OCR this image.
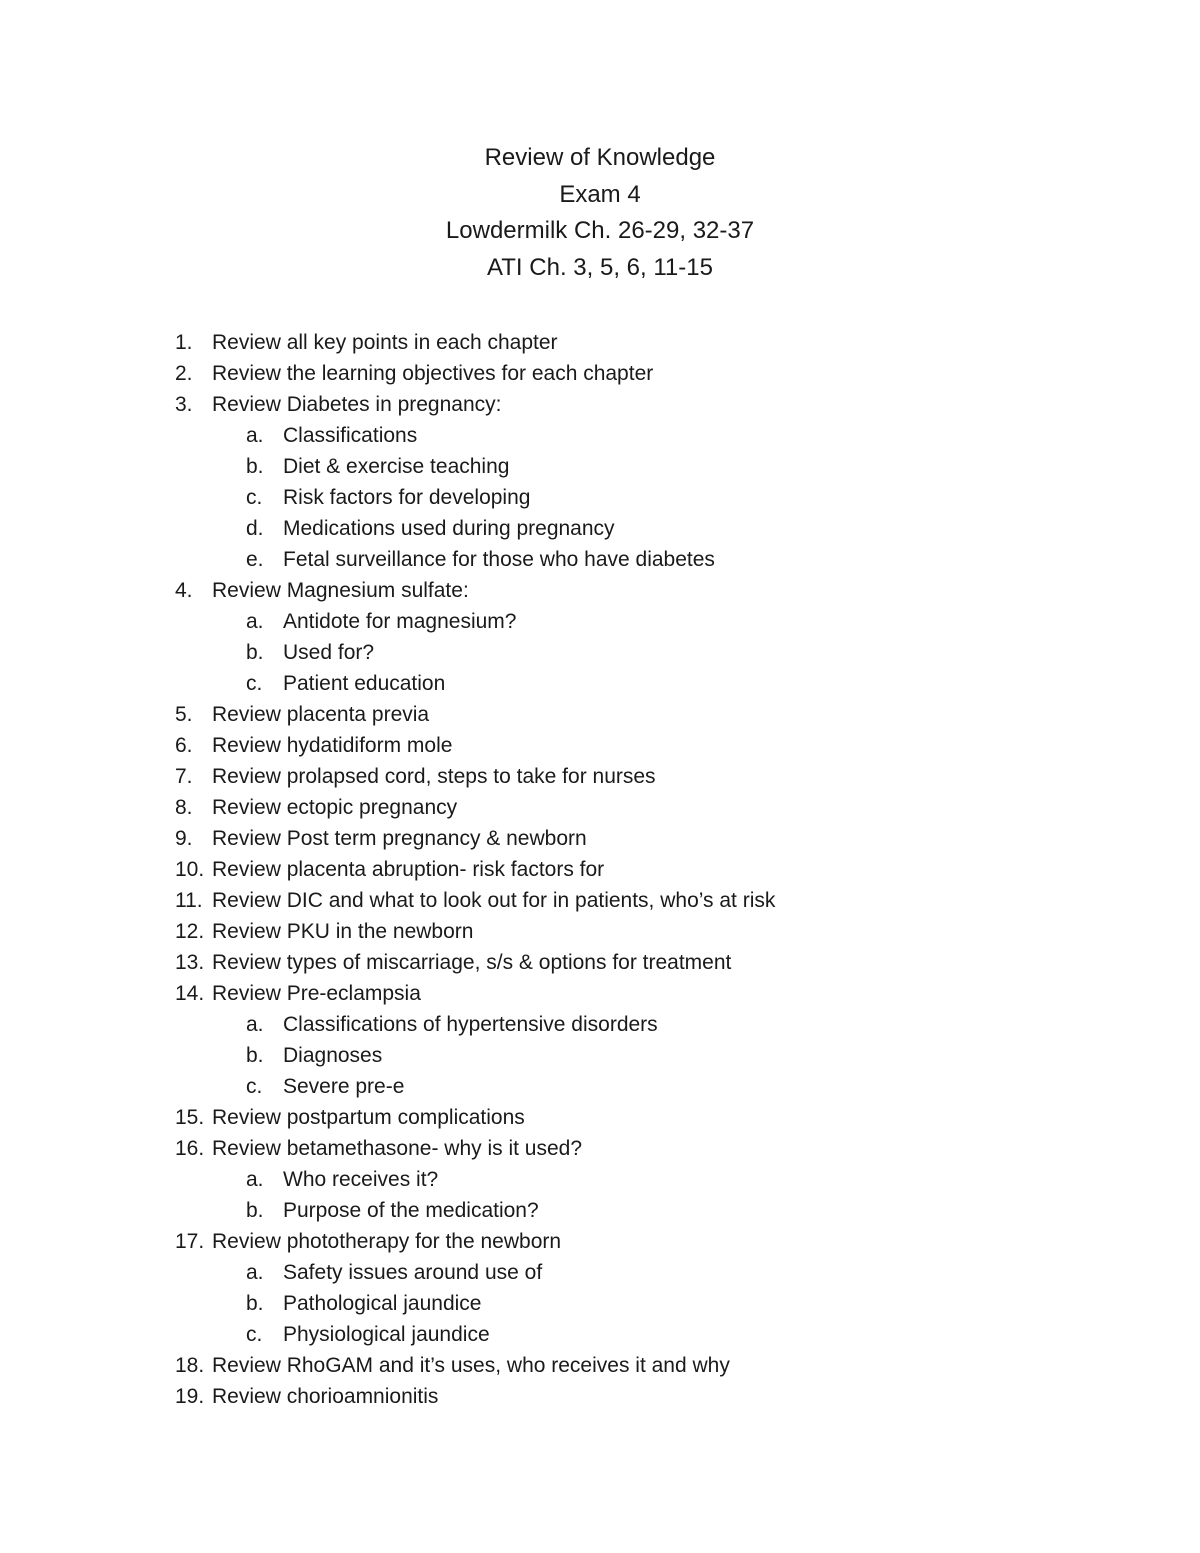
Review of Knowledge
Exam 4
Lowdermilk Ch. 26-29, 32-37
ATI Ch. 3, 5, 6, 11-15
1. Review all key points in each chapter
2. Review the learning objectives for each chapter
3. Review Diabetes in pregnancy:
a. Classifications
b. Diet & exercise teaching
c. Risk factors for developing
d. Medications used during pregnancy
e. Fetal surveillance for those who have diabetes
4. Review Magnesium sulfate:
a. Antidote for magnesium?
b. Used for?
c. Patient education
5. Review placenta previa
6. Review hydatidiform mole
7. Review prolapsed cord, steps to take for nurses
8. Review ectopic pregnancy
9. Review Post term pregnancy & newborn
10. Review placenta abruption- risk factors for
11. Review DIC and what to look out for in patients, who’s at risk
12. Review PKU in the newborn
13. Review types of miscarriage, s/s & options for treatment
14. Review Pre-eclampsia
a. Classifications of hypertensive disorders
b. Diagnoses
c. Severe pre-e
15. Review postpartum complications
16. Review betamethasone- why is it used?
a. Who receives it?
b. Purpose of the medication?
17. Review phototherapy for the newborn
a. Safety issues around use of
b. Pathological jaundice
c. Physiological jaundice
18. Review RhoGAM and it’s uses, who receives it and why
19. Review chorioamnionitis
